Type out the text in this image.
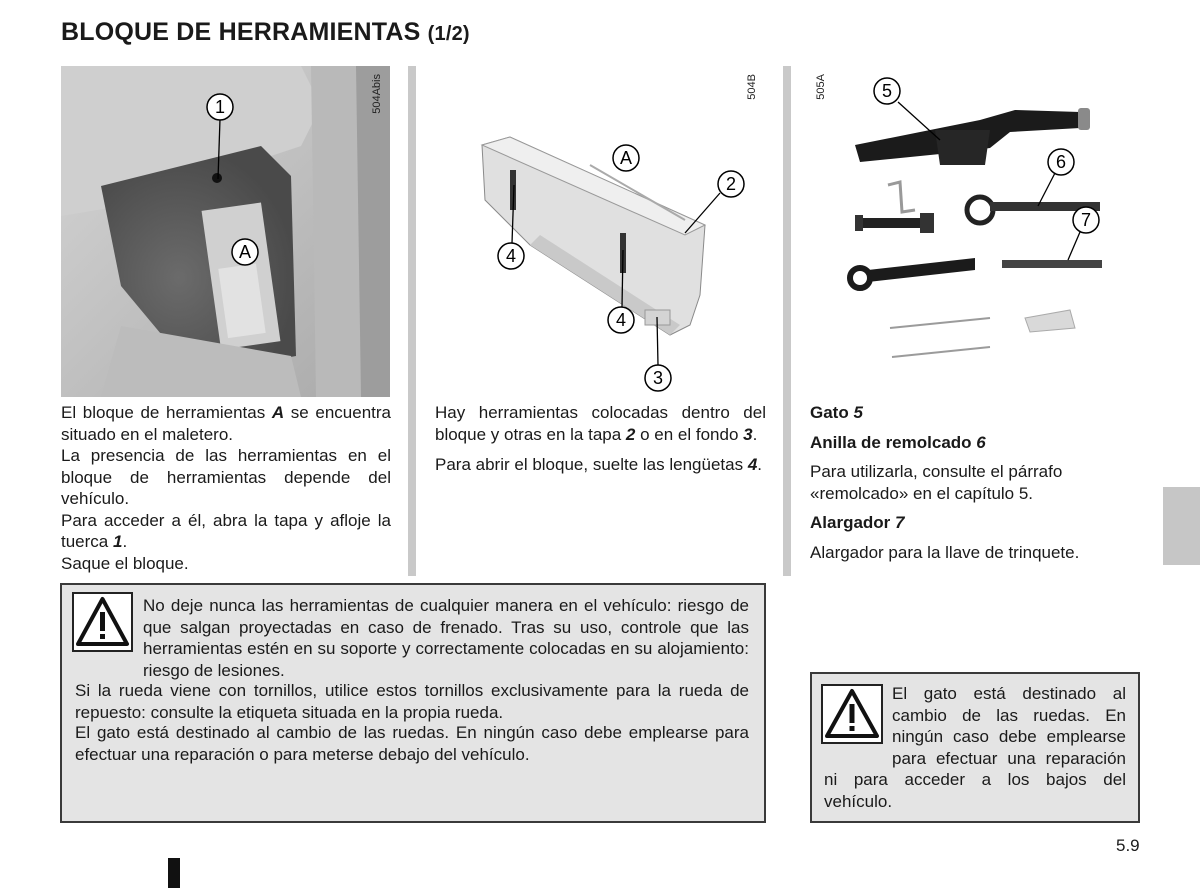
BLOQUE DE HERRAMIENTAS (1/2)
504Abis
1
A
504B
A
2
4
4
3
505A	5
6
7

El bloque de herramientas A se encuentra situado en el maletero.

La presencia de las herramientas en el bloque de herramientas depende del vehículo.

Para acceder a él, abra la tapa y afloje la tuerca 1.

Saque el bloque.

Hay herramientas colocadas dentro del bloque y otras en la tapa 2 o en el fondo 3.

Para abrir el bloque, suelte las lengüetas 4.

Gato 5

Anilla de remolcado 6

Para utilizarla, consulte el párrafo «remolcado» en el capítulo 5.

Alargador 7

Alargador para la llave de trinquete.

No deje nunca las herramientas de cualquier manera en el vehículo: riesgo de que salgan proyectadas en caso de frenado. Tras su uso, controle que las herramientas estén en su soporte y correctamente colocadas en su alojamiento: riesgo de lesiones.
Si la rueda viene con tornillos, utilice estos tornillos exclusivamente para la rueda de repuesto: consulte la etiqueta situada en la propia rueda.
El gato está destinado al cambio de las ruedas. En ningún caso debe emplearse para efectuar una reparación o para meterse debajo del vehículo.
El gato está destinado al cambio de las ruedas. En ningún caso debe emplearse para efectuar una reparación ni para acceder a los bajos del vehículo.
5.9
